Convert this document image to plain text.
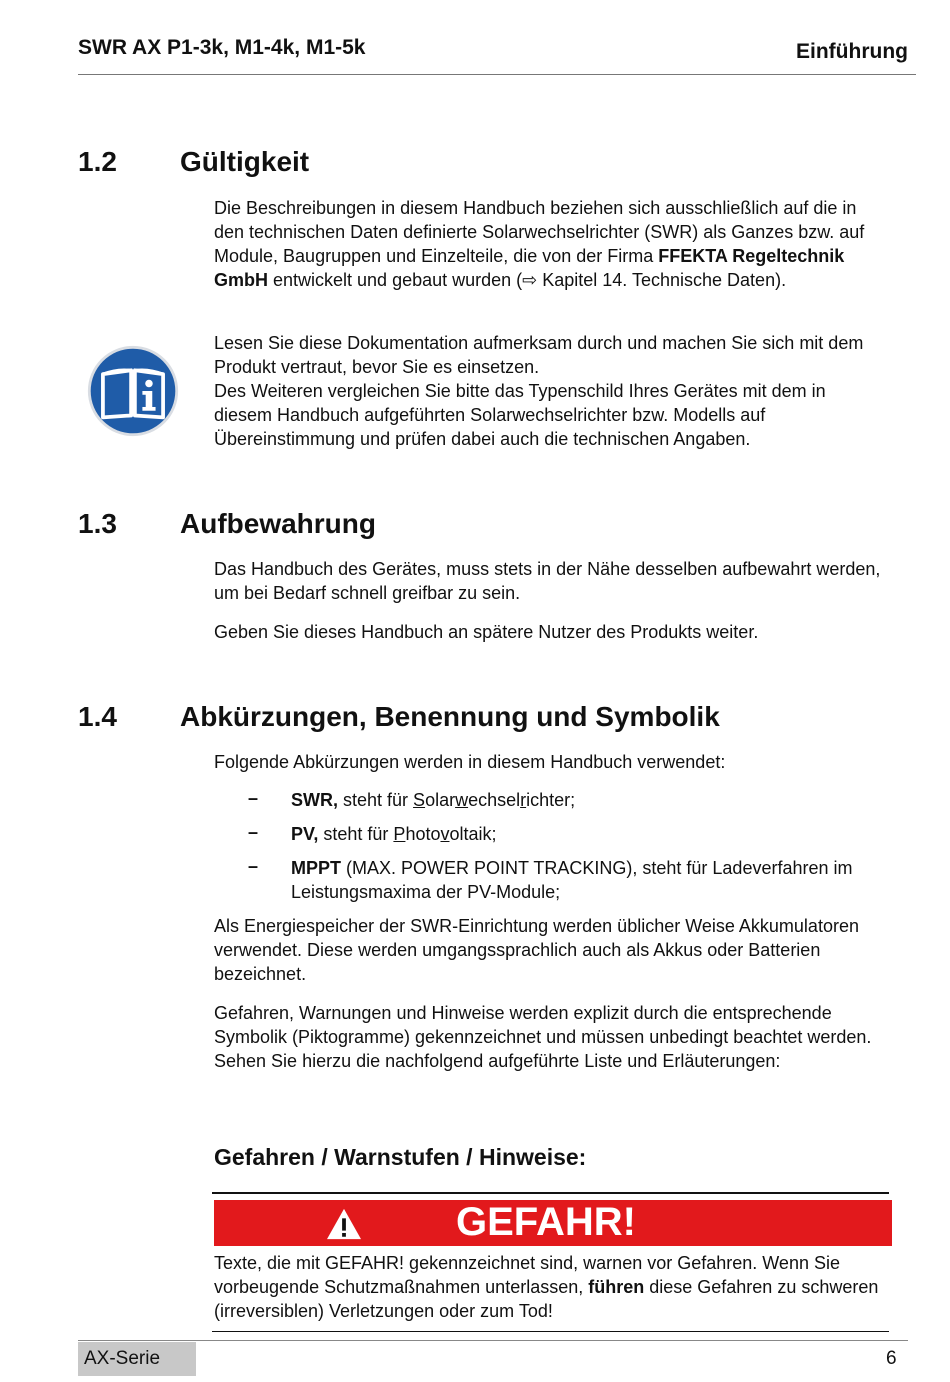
SWR AX P1-3k, M1-4k, M1-5k	Einführung
1.2 Gültigkeit

Die Beschreibungen in diesem Handbuch beziehen sich ausschließlich auf die in den technischen Daten definierte Solarwechselrichter (SWR) als Ganzes bzw. auf Module, Baugruppen und Einzelteile, die von der Firma FFEKTA Regeltechnik GmbH entwickelt und gebaut wurden (⇨ Kapitel 14. Technische Daten).

Lesen Sie diese Dokumentation aufmerksam durch und machen Sie sich mit dem Produkt vertraut, bevor Sie es einsetzen.

Des Weiteren vergleichen Sie bitte das Typenschild Ihres Gerätes mit dem in diesem Handbuch aufgeführten Solarwechselrichter bzw. Modells auf Übereinstimmung und prüfen dabei auch die technischen Angaben.

1.3 Aufbewahrung

Das Handbuch des Gerätes, muss stets in der Nähe desselben aufbewahrt werden, um bei Bedarf schnell greifbar zu sein.

Geben Sie dieses Handbuch an spätere Nutzer des Produkts weiter.

1.4 Abkürzungen, Benennung und Symbolik

Folgende Abkürzungen werden in diesem Handbuch verwendet:

– SWR, steht für Solarwechselrichter;
– PV, steht für Photovoltaik;
– MPPT (MAX. POWER POINT TRACKING), steht für Ladeverfahren im Leistungsmaxima der PV-Module;

Als Energiespeicher der SWR-Einrichtung werden üblicher Weise Akkumulatoren verwendet. Diese werden umgangssprachlich auch als Akkus oder Batterien bezeichnet.

Gefahren, Warnungen und Hinweise werden explizit durch die entsprechende Symbolik (Piktogramme) gekennzeichnet und müssen unbedingt beachtet werden. Sehen Sie hierzu die nachfolgend aufgeführte Liste und Erläuterungen:

Gefahren / Warnstufen / Hinweise:
GEFAHR!

Texte, die mit GEFAHR! gekennzeichnet sind, warnen vor Gefahren. Wenn Sie vorbeugende Schutzmaßnahmen unterlassen, führen diese Gefahren zu schweren (irreversiblen) Verletzungen oder zum Tod!

AX-Serie	6
